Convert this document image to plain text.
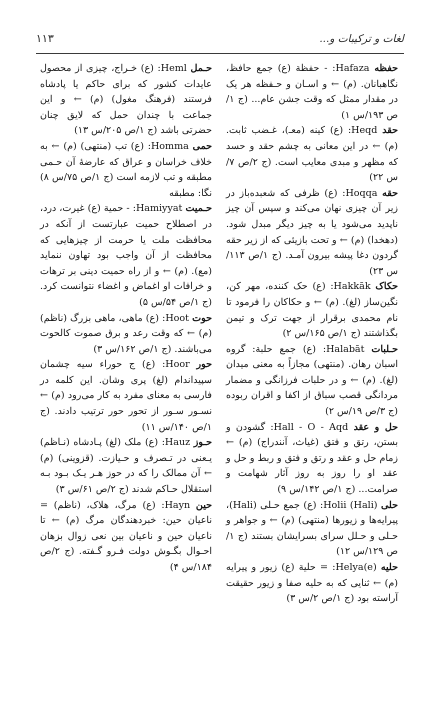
لغات و ترکیبات و...
۱۱۳

حفظه Hafaza: - حفظة (ع) جمع حافظ، نگاهبانان. (م) ← و اسـان و حـفظه هر یک در مقدار ممثل که وقت جشن عام... (ج ۱/ص ۱۹۳/س ۱)

حقد Heqd: (ع) کینه (معـ)، غـضب ثابت. (م) ← در این معانی به چشم حقد و حسد که مظهر و مبدی معایب است. (ج ۲/ص ۷/س ۲۲)

حقه Hoqqa: (ع) ظرفی که شعبده‌باز در زیر آن چیزی نهان می‌کند و سپس آن چیز ناپدید می‌شود یا به چیز دیگر مبدل شود. (دهخدا) (م) ← و تحت بازیئی که از زیر حقه گردون دغا پیشه بیرون آمـد. (ج ۱/ص ۱۱۳/س ۲۳)

حکاک Hakkāk: (ع) حک کننده، مهر کن، نگین‌ساز (لغ). (م) ← و حکاکان را فرمود تا نام محمدی برقرار از جهت ترک و تیمن بگذاشتند (ج ۱/ص ۱۶۵/س ۲)

حـلبات Halabāt: (ع) جمع حلبة: گروه اسبان رهان. (منتهی) مجازاً به معنی میدان (لغ). (م) ← و در حلبات فرزانگی و مضمار مردانگی قصب سباق از اکفا و اقران ربوده (ج ۳/ص ۱۹/س ۲)

حل و عقد Hall - O - Aqd: گشودن و بستن، رتق و فتق (غیاث، آنندراج) (م) ← زمام حل و عقد و رتق و فتق و ربط و حل و عقد او را روز به روز آثار شهامت و صرامت... (ج ۱/ص ۱۴۲/س ۹)

حلی Holii (Hali): (ع) جمع حـلی (Hali)، پیرایه‌ها و زیورها (منتهی) (م) ← و جواهر و حـلی و حـلل سرای بسرایشان بستند (ج ۱/ص ۱۲۹/س ۱۲)

حلیه Helya(e): = حلیة (ع) زیور و پیرایه (م) ← ثنایی که به حلیه صفا و زیور حقیقت آراسته بود (ج ۱/ص ۲/س ۳)

حـمل Heml: (ع) خـراج، چیزی از محصول عایدات کشور که برای حاکم یا پادشاه فرستند (فرهنگ مغول) (م) ← و این جماعت با چندان حمل که لایق چنان حضرتی باشد (ج ۱/ص ۲۰۵/س ۱۳)

حمی Homma: (ع) تب (منتهی) (م) ← به خلاف خراسان و عراق که عارضهٔ آن حـمی مطبقه و تب لازمه است (ج ۱/ص ۷۵/س ۸) نگا: مطبقه

حـمیت Hamiyyat: - حمیة (ع) غیرت، درد، در اصطلاح حمیت عبارتست از آنکه در محافظت ملت یا حرمت از چیزهایی که محافظت از آن واجب بود تهاون ننماید (مع). (م) ← و از راه حمیت دینی بر ترهات و خرافات او اغماض و اغضاء نتوانست کرد. (ج ۱/ص ۵۴/س ۵)

حوت Hoot: (ع) ماهی، ماهی بزرگ (ناظم) (م) ← که وقت رعد و برق صموت کالحوت می‌باشند. (ج ۱/ص ۱۶۲/س ۳)

حور Hoor: (ع) ج حوراء سیه چشمان سپیداندام (لغ) پری وشان. این کلمه در فارسی به معنای مفرد به کار می‌رود (م) ← نسـور سـور از تحور حور ترتیب دادند. (ج ۱/ص ۱۴۰/س ۱۱)

حـوز Hauz: (ع) ملک (لغ) پـادشاه (نـاظم) یـعنی در تـصرف و حـیازت. (قزوینی) (م) ← آن ممالک را که در حوز هـر یـک بـود بـه استقلال حـاکم شدند (ج ۲/ص ۶۱/س ۳)

حین Hayn: (ع) مرگ، هلاک، (ناظم) = ناعیان حین: خبردهندگان مرگ (م) ← تا ناعیان حین و ناعیان بین نعی زوال بزهان احـوال بگـوش دولت فـرو گـفته. (ج ۲/ص ۱۸۴/س ۴)
